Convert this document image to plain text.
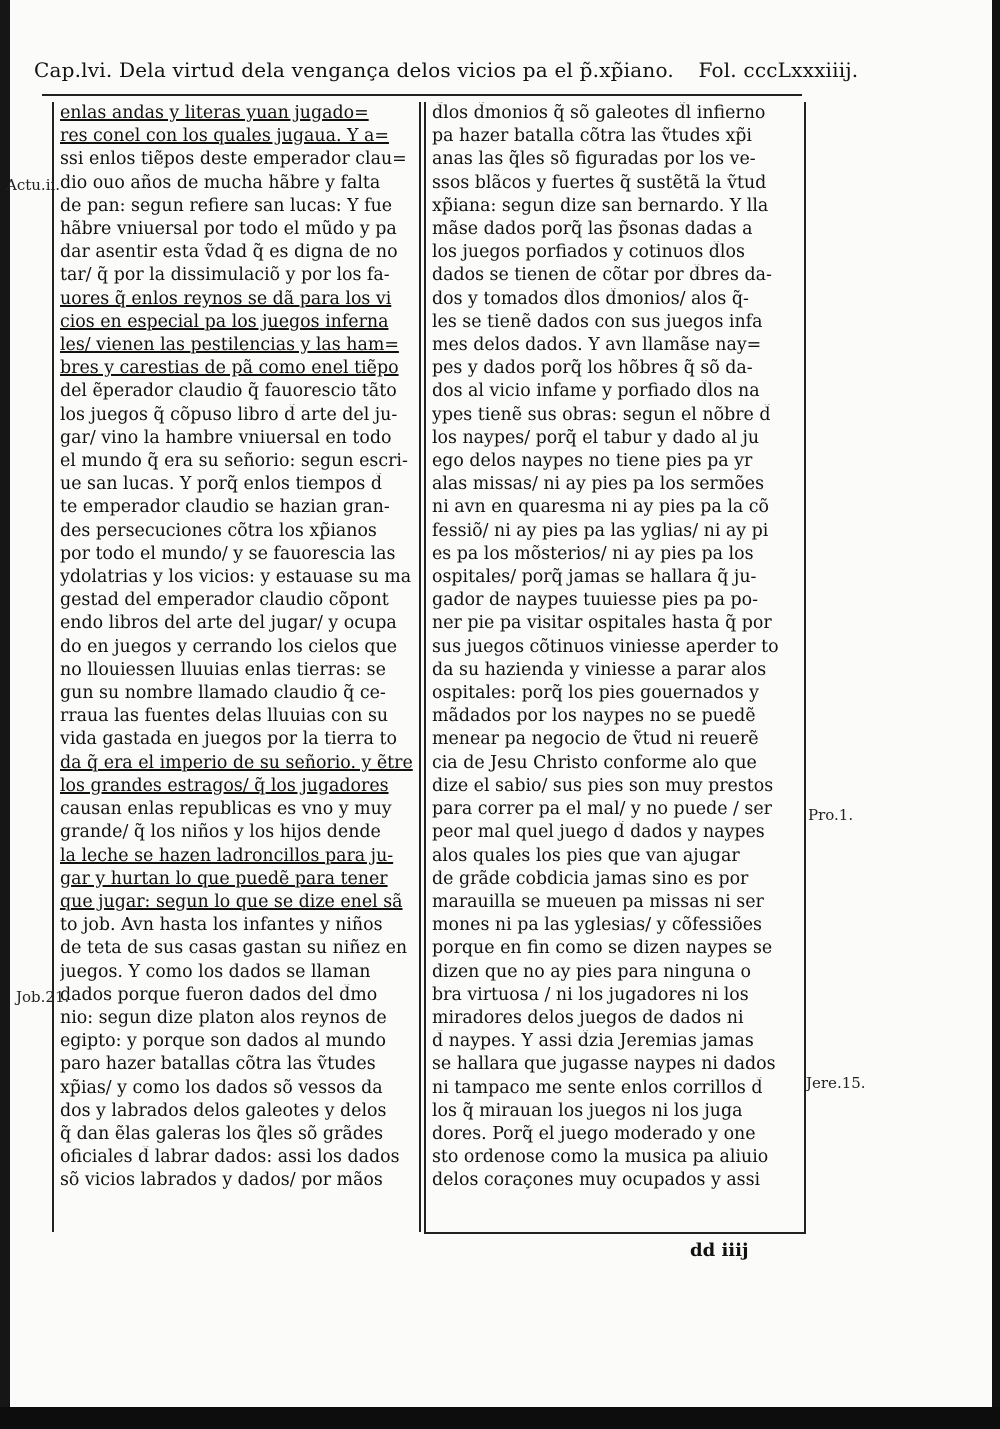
Cap.lvi. Dela virtud dela vengança delos vicios pa el p̃.xp̃iano. Fol. cccLxxxiiij.
enlas andas y literas yuan jugado=
res conel con los quales jugaua. Y a=
ssi enlos tiẽpos deste emperador clau=
dio ouo años de mucha hãbre y falta
de pan: segun refiere san lucas: Y fue
hãbre vniuersal por todo el mũdo y pa
dar asentir esta ṽdad q̃ es digna de no
tar/ q̃ por la dissimulaciõ y por los fa-
uores q̃ enlos reynos se dã para los vi
cios en especial pa los juegos inferna
les/ vienen las pestilencias y las ham=
bres y carestias de pã como enel tiẽpo
del ẽperador claudio q̃ fauorescio tãto
los juegos q̃ cõpuso libro d̃ arte del ju-
gar/ vino la hambre vniuersal en todo
el mundo q̃ era su señorio: segun escri-
ue san lucas. Y porq̃ enlos tiempos d̃
te emperador claudio se hazian gran-
des persecuciones cõtra los xp̃ianos
por todo el mundo/ y se fauorescia las
ydolatrias y los vicios: y estauase su ma
gestad del emperador claudio cõpont
endo libros del arte del jugar/ y ocupa
do en juegos y cerrando los cielos que
no llouiessen lluuias enlas tierras: se
gun su nombre llamado claudio q̃ ce-
rraua las fuentes delas lluuias con su
vida gastada en juegos por la tierra to
da q̃ era el imperio de su señorio. y ẽtre
los grandes estragos/ q̃ los jugadores
causan enlas republicas es vno y muy
grande/ q̃ los niños y los hijos dende
la leche se hazen ladroncillos para ju-
gar y hurtan lo que puedẽ para tener
que jugar: segun lo que se dize enel sã
to job. Avn hasta los infantes y niños
de teta de sus casas gastan su niñez en
juegos. Y como los dados se llaman
dados porque fueron dados del d̃mo
nio: segun dize platon alos reynos de
egipto: y porque son dados al mundo
paro hazer batallas cõtra las ṽtudes
xp̃ias/ y como los dados sõ vessos da
dos y labrados delos galeotes y delos
q̃ dan ẽlas galeras los q̃les sõ grãdes
oficiales d̃ labrar dados: assi los dados
sõ vicios labrados y dados/ por mãos
d̃los d̃monios q̃ sõ galeotes d̃l infierno
pa hazer batalla cõtra las ṽtudes xp̃i
anas las q̃les sõ figuradas por los ve-
ssos blãcos y fuertes q̃ sustẽtã la ṽtud
xp̃iana: segun dize san bernardo. Y lla
mãse dados porq̃ las p̃sonas dadas a
los juegos porfiados y cotinuos d̃los
dados se tienen de cõtar por d̃bres da-
dos y tomados d̃los d̃monios/ alos q̃-
les se tienẽ dados con sus juegos infa
mes delos dados. Y avn llamãse nay=
pes y dados porq̃ los hõbres q̃ sõ da-
dos al vicio infame y porfiado d̃los na
ypes tienẽ sus obras: segun el nõbre d̃
los naypes/ porq̃ el tabur y dado al ju
ego delos naypes no tiene pies pa yr
alas missas/ ni ay pies pa los sermões
ni avn en quaresma ni ay pies pa la cõ
fessiõ/ ni ay pies pa las yglias/ ni ay pi
es pa los mõsterios/ ni ay pies pa los
ospitales/ porq̃ jamas se hallara q̃ ju-
gador de naypes tuuiesse pies pa po-
ner pie pa visitar ospitales hasta q̃ por
sus juegos cõtinuos viniesse aperder to
da su hazienda y viniesse a parar alos
ospitales: porq̃ los pies gouernados y
mãdados por los naypes no se puedẽ
menear pa negocio de ṽtud ni reuerẽ
cia de Jesu Christo conforme alo que
dize el sabio/ sus pies son muy prestos
para correr pa el mal/ y no puede / ser
peor mal quel juego d̃ dados y naypes
alos quales los pies que van ajugar
de grãde cobdicia jamas sino es por
marauilla se mueuen pa missas ni ser
mones ni pa las yglesias/ y cõfessiões
porque en fin como se dizen naypes se
dizen que no ay pies para ninguna o
bra virtuosa / ni los jugadores ni los
miradores delos juegos de dados ni
d̃ naypes. Y assi d̃zia Jeremias jamas
se hallara que jugasse naypes ni dados
ni tampaco me sente enlos corrillos d̃
los q̃ mirauan los juegos ni los juga
dores. Porq̃ el juego moderado y one
sto ordenose como la musica pa aliuio
delos coraçones muy ocupados y assi
Actu.ii.
Job.21.
Pro.1.
Jere.15.
dd iiij
